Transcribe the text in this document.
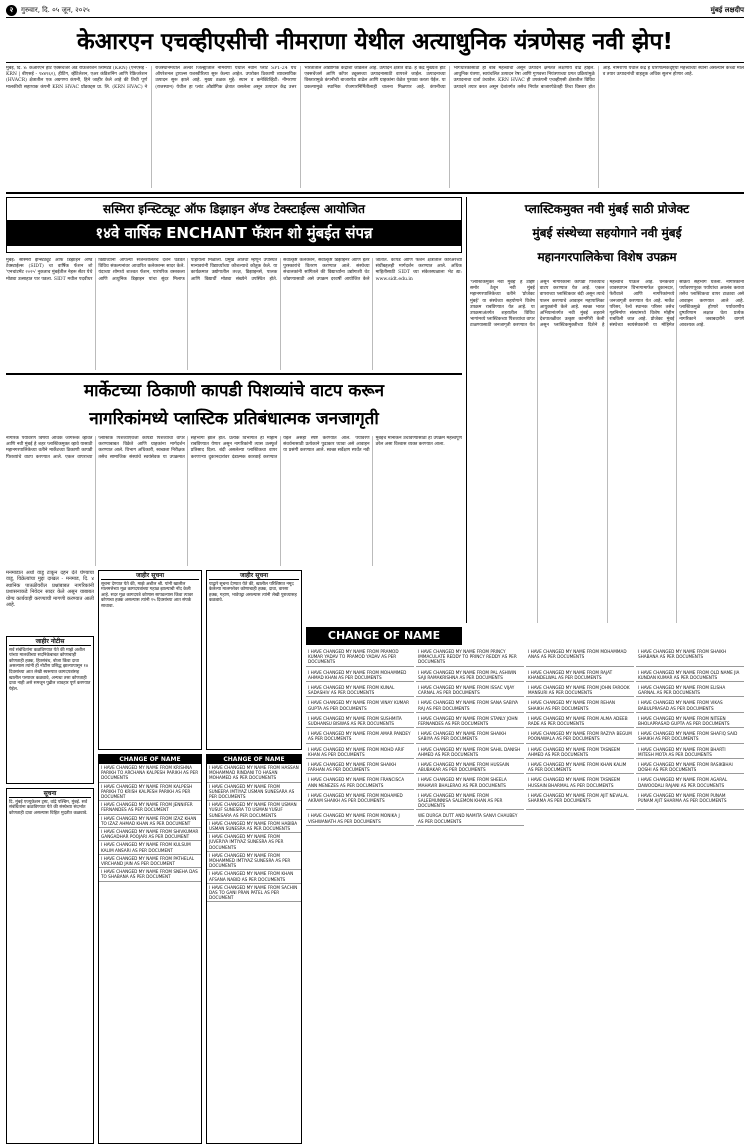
२ गुरुवार, दि. ०५ जून, २०२५	मुंबई लक्षदीप
केआरएन एचव्हीएसीची नीमराणा येथील अत्याधुनिक यंत्रणेसह नवी झेप!
मुंबई, दि. ४: केआरएन हीट एक्सचेंजर ॲंड रेफ्रिजरेशन लिमिटेड (KRN) (एनएसई - KRN | बीएसई - ९४४९६२), हीटिंग, व्हेंटिलेशन, एअर कंडिशनिंग आणि रेफ्रिजरेशन (HVACR) क्षेत्रातील एक अग्रगण्य कंपनी, हिने जाहीर केले आहे की तिची पूर्ण मालकीची सहाय्यक कंपनी KRN HVAC प्रॉडक्ट्स प्रा. लि. (KRN HVAC) ने राजस्थानमधील अल्वर जिल्ह्यातील नीमराणा येथील नवीन प्लांट SP1-24 येथे ऑपरेशनल ट्रायल्स यशस्वीरित्या सुरू केल्या आहेत. उपरोक्त ठिकाणी व्यावसायिक उत्पादन सुरू झाले आहे. मुख्य ठळक मुद्दे: स्थान व कनेक्टिव्हिटी: नीमराणा (राजस्थान) येथील हा प्लांट औद्योगिक क्षेत्रात वसलेला असून उत्पादन केंद्र उत्तर भारतातील औद्योगिक केंद्रांशी जोडलेले आहे. उत्पादन क्षेत्रात वाढ: हे केंद्र मुख्यतः हीट एक्सचेंजर्स आणि कॉपर ट्यूब्सच्या उत्पादनासाठी वापरले जाईल. उत्पादनाच्या विस्तारामुळे कंपनीची बाजारपेठ वाढेल आणि ग्राहकांना वेळेत पुरवठा करता येईल. या प्रकल्पामुळे स्थानिक रोजगारनिर्मितीलाही चालना मिळणार आहे. कंपनीच्या भागधारकांसाठी ही बाब महत्त्वाची असून उत्पादन क्षमतेत लक्षणीय वाढ होईल. आधुनिक यंत्रणा, स्वयंचलित उत्पादन रेषा आणि गुणवत्ता नियंत्रणाच्या प्रगत प्रक्रियांमुळे उत्पादनाचा दर्जा उंचावेल. KRN HVAC ही उपकंपनी एचव्हीएसी क्षेत्रातील विविध उत्पादने तयार करत असून देशांतर्गत तसेच निर्यात बाजारपेठेतही तिचा विस्तार होत आहे. नीमराणा येथील केंद्र हे धोरणात्मकदृष्ट्या महत्त्वाच्या स्थानी असल्याने कच्चा माल व तयार उत्पादनांची वाहतूक अधिक सुलभ होणार आहे.
सस्मिरा इन्स्टिट्यूट ऑफ डिझाइन अ‍ॅण्ड टेक्स्टाईल्स आयोजित
१४वे वार्षिक ENCHANT फॅशन शो मुंबईत संपन्न
मुंबई: सस्मिरा इन्स्टिट्यूट ऑफ डिझाइन अ‍ॅण्ड टेक्स्टाईल्स (SIDT) चा वार्षिक फॅशन शो 'एनचांटमेंट २०२५' नुकताच मुंबईतील नेहरू सेंटर येथे मोठ्या उत्साहात पार पडला. SIDT मधील पदवीधर विद्यार्थ्यांनी आपल्या सर्जनशीलतेचे दर्शन घडवत विविध संकल्पनांवर आधारित कलेक्शन्स सादर केले. यंदाच्या शोमध्ये शाश्वत फॅशन, पारंपरिक वस्त्रकला आणि आधुनिक डिझाइन यांचा सुंदर मिलाफ पाहायला मिळाला. प्रमुख अतिथी म्हणून उपस्थित मान्यवरांनी विद्यार्थ्यांच्या कौशल्याचे कौतुक केले. या कार्यक्रमात उद्योगातील तज्ज्ञ, डिझाइनर्स, पालक आणि विद्यार्थी मोठ्या संख्येने उपस्थित होते. सर्वोत्कृष्ट कलेक्शन, सर्वोत्कृष्ट डिझाइनर आणि इतर पुरस्कारांचे वितरण करण्यात आले. संस्थेच्या संचालकांनी सांगितले की विद्यार्थ्यांना उद्योगाशी थेट जोडण्यासाठी असे उपक्रम दरवर्षी आयोजित केले जातात. कापड आणि फॅशन क्षेत्रातील करिअरच्या संधींबद्दलही मार्गदर्शन करण्यात आले. अधिक माहितीसाठी SIDT च्या संकेतस्थळाला भेट द्या: www.sidt.edu.in
प्लास्टिकमुक्त नवी मुंबई साठी प्रोजेक्ट
मुंबई संस्थेच्या सहयोगाने नवी मुंबई
महानगरपालिकेचा विशेष उपक्रम
'प्लास्टिकमुक्त नवी मुंबई' हे उद्दिष्ट समोर ठेवून नवी मुंबई महानगरपालिकेच्या वतीने 'प्रोजेक्ट मुंबई' या संस्थेच्या सहयोगाने विशेष उपक्रम राबविण्यात येत आहे. या उपक्रमाअंतर्गत शहरातील विविध भागांमध्ये प्लास्टिकच्या पिशव्यांचा वापर टाळण्यासाठी जनजागृती करण्यात येत असून नागरिकांना कापडी पिशव्यांचे वाटप करण्यात येत आहे. एकल वापराच्या प्लास्टिकवर बंदी असून त्याचे पालन करण्याचे आवाहन महापालिका आयुक्तांनी केले आहे. स्वच्छ भारत अभियानांतर्गत नवी मुंबई शहराने देशपातळीवर उत्कृष्ट कामगिरी केली असून प्लास्टिकमुक्तीच्या दिशेने हे महत्त्वाचे पाऊल आहे. घनकचरा व्यवस्थापन विभागामार्फत दुकानदार, फेरीवाले आणि नागरिकांमध्ये जनजागृती करण्यात येत आहे. मार्केट परिसर, रेल्वे स्थानक परिसर तसेच गृहनिर्माण संस्थांमध्ये विशेष मोहीम राबविली जात आहे. प्रोजेक्ट मुंबई संस्थेच्या स्वयंसेवकांनी या मोहिमेत सक्रिय सहभाग घेतला. नागरिकांनी पर्यावरणपूरक पर्यायांचा अवलंब करावा तसेच प्लास्टिकचा वापर टाळावा असे आवाहन करण्यात आले आहे. प्लास्टिकमुळे होणारे पर्यावरणीय दुष्परिणाम लक्षात घेता प्रत्येक नागरिकाने जबाबदारीने वागणे आवश्यक आहे.
मार्केटच्या ठिकाणी कापडी पिशव्यांचे वाटप करून
नागरिकांमध्ये प्लास्टिक प्रतिबंधात्मक जनजागृती
नागरिक पर्यावरण विषयी अधिक जागरूक व्हावेत आणि नवी मुंबई हे शहर प्लास्टिकमुक्त व्हावे यासाठी महानगरपालिकेच्या वतीने मार्केटच्या ठिकाणी कापडी पिशव्यांचे वाटप करण्यात आले. एकल वापराच्या प्लास्टिक पिशव्यांऐवजी कापडी पिशव्यांचा वापर करण्याबाबत विक्रेते आणि ग्राहकांना मार्गदर्शन करण्यात आले. विभाग अधिकारी, स्वच्छता निरीक्षक तसेच सामाजिक संस्थांचे स्वयंसेवक या उपक्रमात सहभागी झाले होते. प्रत्येक विभागात ही मोहीम राबविण्यात येणार असून नागरिकांनी त्यास उत्स्फूर्त प्रतिसाद दिला. बंदी असलेल्या प्लास्टिकचा वापर करणाऱ्या दुकानदारांवर दंडात्मक कारवाई करण्यात येईल असेही स्पष्ट करण्यात आले. पर्यावरण संवर्धनासाठी प्रत्येकाने पुढाकार घ्यावा असे आवाहन या प्रसंगी करण्यात आले. स्वच्छ सर्वेक्षण स्पर्धेत नवी मुंबईचे मानांकन उंचावण्यासाठी हा उपक्रम महत्त्वपूर्ण ठरेल असा विश्वास व्यक्त करण्यात आला.
मनमाडात अर्धा वाडू टाकून दहन देते घेण्याचा वाडू, विक्रेत्यांचा मुद्दा दाखल - मनमाड, दि. ४ स्थानिक पातळीवरील प्रश्नांबाबत नागरिकांनी प्रशासनाकडे निवेदन सादर केले असून याबाबत योग्य कार्यवाही करण्याची मागणी करण्यात आली आहे.
जाहीर नोटीस
सर्व संबंधितांना कळविण्यात येते की माझे अशील यांच्या मालकीच्या सदनिकेबाबत कोणाचाही कोणताही हक्क, हितसंबंध, बोजा किंवा दावा असल्यास त्यांनी ही नोटीस प्रसिद्ध झाल्यापासून १४ दिवसांच्या आत लेखी स्वरूपात कागदपत्रांसह खालील पत्त्यावर कळवावे, अन्यथा तसा कोणताही दावा नाही असे समजून पुढील व्यवहार पूर्ण करण्यात येईल.
जाहीर सूचना
सूचना देण्यात येते की, माझे अशील श्री. यांनी खालील मालमत्तेच्या मूळ कागदपत्रांच्या गहाळ झाल्याची नोंद केली आहे. सदर मूळ कागदपत्रे कोणास सापडल्यास किंवा त्यावर कोणाचा हक्क असल्यास त्यांनी १५ दिवसांच्या आत संपर्क साधावा.
जाहीर सूचना
याद्वारे सूचना देण्यात येते की, खालील परिशिष्टात नमूद केलेल्या मालमत्तेवर कोणाचाही हक्क, दावा, वारसा हक्क, गहाण, भाडेपट्टा असल्यास त्यांनी लेखी पुराव्यासह कळवावे.
CHANGE OF NAME
I HAVE CHANGED MY NAME FROM KRISHNA PARIKH TO ARCHANA KALPESH PARIKH AS PER DOCUMENTS
I HAVE CHANGED MY NAME FROM KALPESH PARIKH TO KRISH KALPESH PARIKH AS PER DOCUMENT
I HAVE CHANGED MY NAME FROM JENNIFER FERNANDES AS PER DOCUMENT
I HAVE CHANGED MY NAME FROM IZAZ KHAN TO IZAZ AHMAD KHAN AS PER DOCUMENT
I HAVE CHANGED MY NAME FROM SHIVKUMAR GANGADHAR POOJARI AS PER DOCUMENT
I HAVE CHANGED MY NAME FROM KULSUM KALIM ANSARI AS PER DOCUMENT
I HAVE CHANGED MY NAME FROM PATHELAL VIRCHAND JAIN AS PER DOCUMENT
I HAVE CHANGED MY NAME FROM SNEHA DAS TO SHABANA AS PER DOCUMENT
CHANGE OF NAME
I HAVE CHANGED MY NAME FROM HASSAN MOHAMMAD RINDANI TO HASAN MOHAMED AS PER DOCUMENTS
I HAVE CHANGED MY NAME FROM SUNEERA IMTIYAZ USMAN SUNESARA AS PER DOCUMENTS
I HAVE CHANGED MY NAME FROM USMAN YUSUF SUNESRA TO USMAN YUSUF SUNESARA AS PER DOCUMENTS
I HAVE CHANGED MY NAME FROM HABIBA USMAN SUNESRA AS PER DOCUMENTS
I HAVE CHANGED MY NAME FROM JUVERIYA IMTIYAZ SUNESRA AS PER DOCUMENTS
I HAVE CHANGED MY NAME FROM MOHAMMED IMTIYAZ SUNESRA AS PER DOCUMENTS
I HAVE CHANGED MY NAME FROM KHAN AFSANA NABID AS PER DOCUMENTS
I HAVE CHANGED MY NAME FROM SACHIN DAS TO GANI PRAN PATEL AS PER DOCUMENT
सूचना
दि. मुंबई एज्युकेशन ट्रस्ट, वांद्रे पश्चिम, मुंबई. सर्व संबंधितांना कळविण्यात येते की संस्थेच्या संदर्भात कोणताही दावा असल्यास विहित मुदतीत कळवावे.
CHANGE OF NAME
I HAVE CHANGED MY NAME FROM PRAMOD KUMAR YADAV TO PRAMOD YADAV AS PER DOCUMENTS
I HAVE CHANGED MY NAME FROM PRINCY IMMACULATE REDDY TO PRINCY REDDY AS PER DOCUMENTS
I HAVE CHANGED MY NAME FROM MOHAMMAD ANAS AS PER DOCUMENTS
I HAVE CHANGED MY NAME FROM SHAIKH SHABANA AS PER DOCUMENTS
I HAVE CHANGED MY NAME FROM MOHAMMED AHMAD KHAN AS PER DOCUMENTS
I HAVE CHANGED MY NAME FROM PAL ASHWIN SAJI RAMAKRISHNA AS PER DOCUMENTS
I HAVE CHANGED MY NAME FROM RAJAT KHANDELWAL AS PER DOCUMENTS
I HAVE CHANGED MY NAME FROM OLD NAME JIA KUNDAN KUMAR AS PER DOCUMENTS
I HAVE CHANGED MY NAME FROM KUNAL SADASHIV AS PER DOCUMENTS
I HAVE CHANGED MY NAME FROM ISSAC VIJAY CARNAL AS PER DOCUMENTS
I HAVE CHANGED MY NAME FROM JOHN FAROOK MANSURI AS PER DOCUMENTS
I HAVE CHANGED MY NAME FROM ELISHA GARNAL AS PER DOCUMENTS
I HAVE CHANGED MY NAME FROM VINAY KUMAR GUPTA AS PER DOCUMENTS
I HAVE CHANGED MY NAME FROM SANA SABIYA RAJ AS PER DOCUMENTS
I HAVE CHANGED MY NAME FROM REHAN SHAIKH AS PER DOCUMENTS
I HAVE CHANGED MY NAME FROM VIKAS BABULPRASAD AS PER DOCUMENTS
I HAVE CHANGED MY NAME FROM SUSHMITA SUDHANSU BISWAS AS PER DOCUMENTS
I HAVE CHANGED MY NAME FROM STANLY JOHN FERNANDES AS PER DOCUMENTS
I HAVE CHANGED MY NAME FROM ALMA ADEEB RADE AS PER DOCUMENTS
I HAVE CHANGED MY NAME FROM NITEEN BHOLAPRASAD GUPTA AS PER DOCUMENTS
I HAVE CHANGED MY NAME FROM AMAR PANDEY AS PER DOCUMENTS
I HAVE CHANGED MY NAME FROM SHAIKH SABIYA AS PER DOCUMENTS
I HAVE CHANGED MY NAME FROM RAZIYA BEGUM POONAWALA AS PER DOCUMENTS
I HAVE CHANGED MY NAME FROM SHAFIQ SAID SHAIKH AS PER DOCUMENTS
I HAVE CHANGED MY NAME FROM MOHD ARIF KHAN AS PER DOCUMENTS
I HAVE CHANGED MY NAME FROM SAHIL DANISH AHMED AS PER DOCUMENTS
I HAVE CHANGED MY NAME FROM TASNEEM AHMED AS PER DOCUMENTS
I HAVE CHANGED MY NAME FROM BHARTI MITESH MOTA AS PER DOCUMENTS
I HAVE CHANGED MY NAME FROM SHAIKH FARHAN AS PER DOCUMENTS
I HAVE CHANGED MY NAME FROM HUSSAIN ABUBAKAR AS PER DOCUMENTS
I HAVE CHANGED MY NAME FROM KHAN KALIM AS PER DOCUMENTS
I HAVE CHANGED MY NAME FROM RASIKBHAI DOSHI AS PER DOCUMENTS
I HAVE CHANGED MY NAME FROM FRANCISCA ANN MENEZES AS PER DOCUMENTS
I HAVE CHANGED MY NAME FROM SHEELA MAHAVIR BHALERAO AS PER DOCUMENTS
I HAVE CHANGED MY NAME FROM TASNEEM HUSSAIN BHARMAL AS PER DOCUMENTS
I HAVE CHANGED MY NAME FROM AGARAL DAWOODALI RAJANI AS PER DOCUMENTS
I HAVE CHANGED MY NAME FROM MOHAMED AKRAM SHAIKH AS PER DOCUMENTS
I HAVE CHANGED MY NAME FROM SALEEMUNNISA SALEMON KHAN AS PER DOCUMENTS
I HAVE CHANGED MY NAME FROM AJIT NEVALAL SHARMA AS PER DOCUMENTS
I HAVE CHANGED MY NAME FROM PUNAM PUNAM AJIT SHARMA AS PER DOCUMENTS
I HAVE CHANGED MY NAME FROM MONIKA J VISHWANATH AS PER DOCUMENTS
WE DURGA DUTT AND NAMITA SANVI CHAUBEY AS PER DOCUMENTS
